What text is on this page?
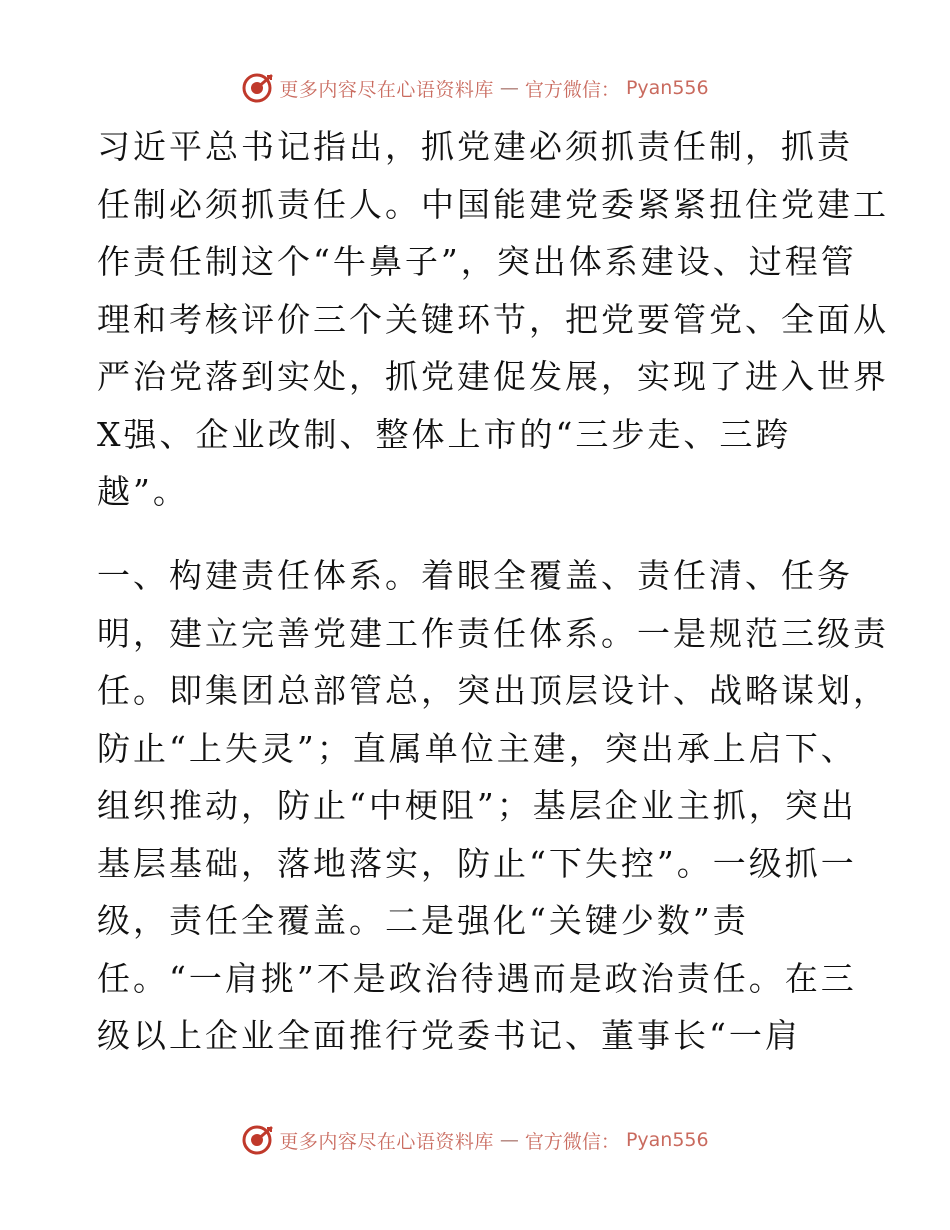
更多内容尽在心语资料库 — 官方微信： Pyan556
习近平总书记指出，抓党建必须抓责任制，抓责
任制必须抓责任人。中国能建党委紧紧扭住党建工
作责任制这个“牛鼻子”，突出体系建设、过程管
理和考核评价三个关键环节，把党要管党、全面从
严治党落到实处，抓党建促发展，实现了进入世界
X强、企业改制、整体上市的“三步走、三跨
越”。
一、构建责任体系。着眼全覆盖、责任清、任务
明，建立完善党建工作责任体系。一是规范三级责
任。即集团总部管总，突出顶层设计、战略谋划，
防止“上失灵”；直属单位主建，突出承上启下、
组织推动，防止“中梗阻”；基层企业主抓，突出
基层基础，落地落实，防止“下失控”。一级抓一
级，责任全覆盖。二是强化“关键少数”责
任。“一肩挑”不是政治待遇而是政治责任。在三
级以上企业全面推行党委书记、董事长“一肩
更多内容尽在心语资料库 — 官方微信： Pyan556
